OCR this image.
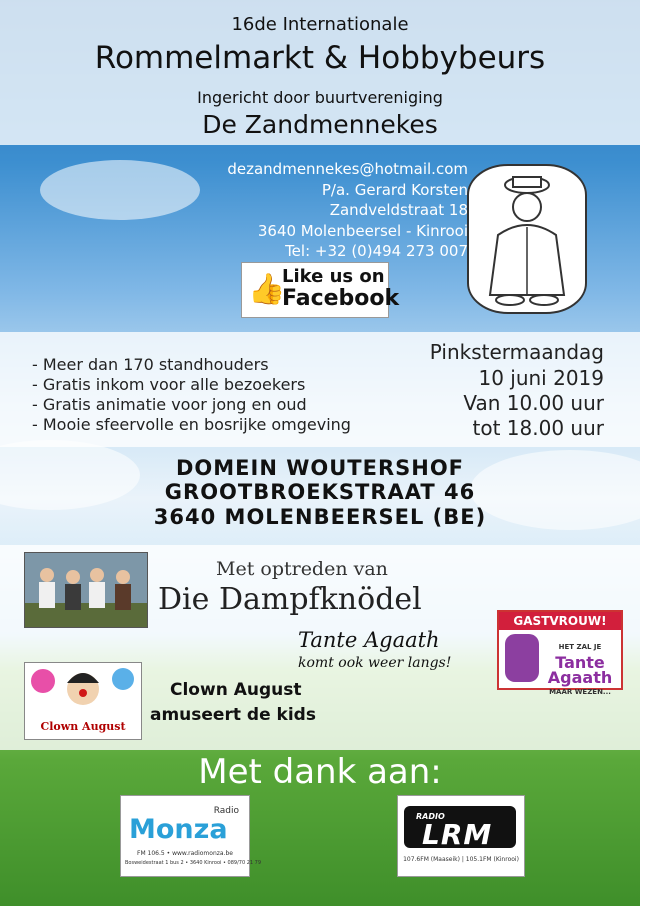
16de Internationale
Rommelmarkt & Hobbybeurs
Ingericht door buurtvereniging
De Zandmennekes
dezandmennekes@hotmail.com
P/a. Gerard Korsten
Zandveldstraat 18
3640 Molenbeersel - Kinrooi
Tel: +32 (0)494 273 007
👍
Like us on
Facebook
- Meer dan 170 standhouders
- Gratis inkom voor alle bezoekers
- Gratis animatie voor jong en oud
- Mooie sfeervolle en bosrijke omgeving
Pinkstermaandag
10 juni 2019
Van 10.00 uur
tot 18.00 uur
DOMEIN WOUTERSHOF
GROOTBROEKSTRAAT 46
3640 MOLENBEERSEL (BE)
Met optreden van
Die Dampfknödel
Tante Agaath
komt ook weer langs!
GASTVROUW!
HET ZAL JE
Tante Agaath
MAAR WEZEN...
Clown August
Clown August
amuseert de kids
Met dank aan:
Radio
Monza
FM 106.5 • www.radiomonza.be
Bosweidestraat 1 bus 2 • 3640 Kinrooi • 089/70 21 79
RADIO
LRM
107.6FM (Maaseik) | 105.1FM (Kinrooi)
